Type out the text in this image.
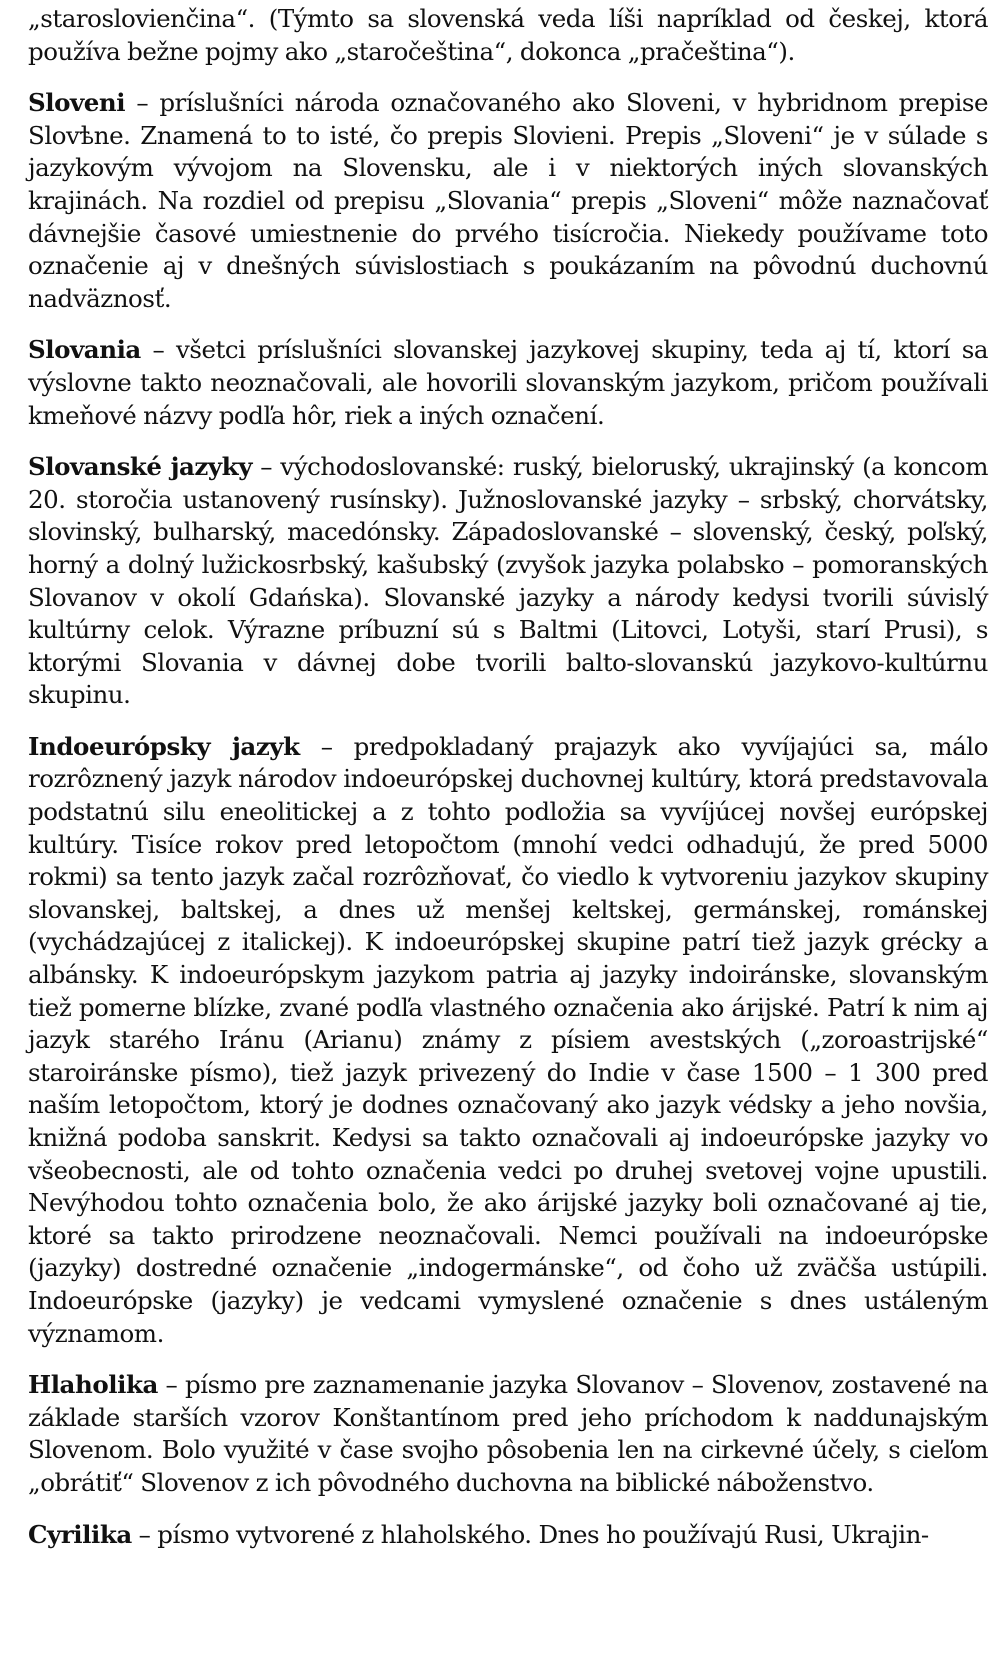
„staroslovienčina“. (Týmto sa slovenská veda líši napríklad od českej, ktorá používa bežne pojmy ako „staročeština“, dokonca „pračeština“).

Sloveni – príslušníci národa označovaného ako Sloveni, v hybridnom prepise Slovѣne. Znamená to to isté, čo prepis Slovieni. Prepis „Sloveni“ je v súlade s jazykovým vývojom na Slovensku, ale i v niektorých iných slovanských krajinách. Na rozdiel od prepisu „Slovania“ prepis „Sloveni“ môže naznačovať dávnejšie časové umiestnenie do prvého tisícročia. Niekedy používame toto označenie aj v dnešných súvislostiach s poukázaním na pôvodnú duchovnú nadväznosť.

Slovania – všetci príslušníci slovanskej jazykovej skupiny, teda aj tí, ktorí sa výslovne takto neoznačovali, ale hovorili slovanským jazykom, pričom používali kmeňové názvy podľa hôr, riek a iných označení.

Slovanské jazyky – východoslovanské: ruský, bieloruský, ukrajinský (a koncom 20. storočia ustanovený rusínsky). Južnoslovanské jazyky – srbský, chorvátsky, slovinský, bulharský, macedónsky. Západoslovanské – slovenský, český, poľský, horný a dolný lužickosrbský, kašubský (zvyšok jazyka polabsko – pomoranských Slovanov v okolí Gdańska). Slovanské jazyky a národy kedysi tvorili súvislý kultúrny celok. Výrazne príbuzní sú s Baltmi (Litovci, Lotyši, starí Prusi), s ktorými Slovania v dávnej dobe tvorili balto-slovanskú jazykovo-kultúrnu skupinu.

Indoeurópsky jazyk – predpokladaný prajazyk ako vyvíjajúci sa, málo rozrôznený jazyk národov indoeurópskej duchovnej kultúry, ktorá predstavovala podstatnú silu eneolitickej a z tohto podložia sa vyvíjúcej novšej európskej kultúry. Tisíce rokov pred letopočtom (mnohí vedci odhadujú, že pred 5000 rokmi) sa tento jazyk začal rozrôzňovať, čo viedlo k vytvoreniu jazykov skupiny slovanskej, baltskej, a dnes už menšej keltskej, germánskej, románskej (vychádzajúcej z italickej). K indoeurópskej skupine patrí tiež jazyk grécky a albánsky. K indoeurópskym jazykom patria aj jazyky indoiránske, slovanským tiež pomerne blízke, zvané podľa vlastného označenia ako árijské. Patrí k nim aj jazyk starého Iránu (Arianu) známy z písiem avestských („zoroastrijské“ staroiránske písmo), tiež jazyk privezený do Indie v čase 1500 – 1 300 pred naším letopočtom, ktorý je dodnes označovaný ako jazyk védsky a jeho novšia, knižná podoba sanskrit. Kedysi sa takto označovali aj indoeurópske jazyky vo všeobecnosti, ale od tohto označenia vedci po druhej svetovej vojne upustili. Nevýhodou tohto označenia bolo, že ako árijské jazyky boli označované aj tie, ktoré sa takto prirodzene neoznačovali. Nemci používali na indoeurópske (jazyky) dostredné označenie „indogermánske“, od čoho už zväčša ustúpili. Indoeurópske (jazyky) je vedcami vymyslené označenie s dnes ustáleným významom.

Hlaholika – písmo pre zaznamenanie jazyka Slovanov – Slovenov, zostavené na základe starších vzorov Konštantínom pred jeho príchodom k naddunajským Slovenom. Bolo využité v čase svojho pôsobenia len na cirkevné účely, s cieľom „obrátiť“ Slovenov z ich pôvodného duchovna na biblické náboženstvo.

Cyrilika – písmo vytvorené z hlaholského. Dnes ho používajú Rusi, Ukrajin-
